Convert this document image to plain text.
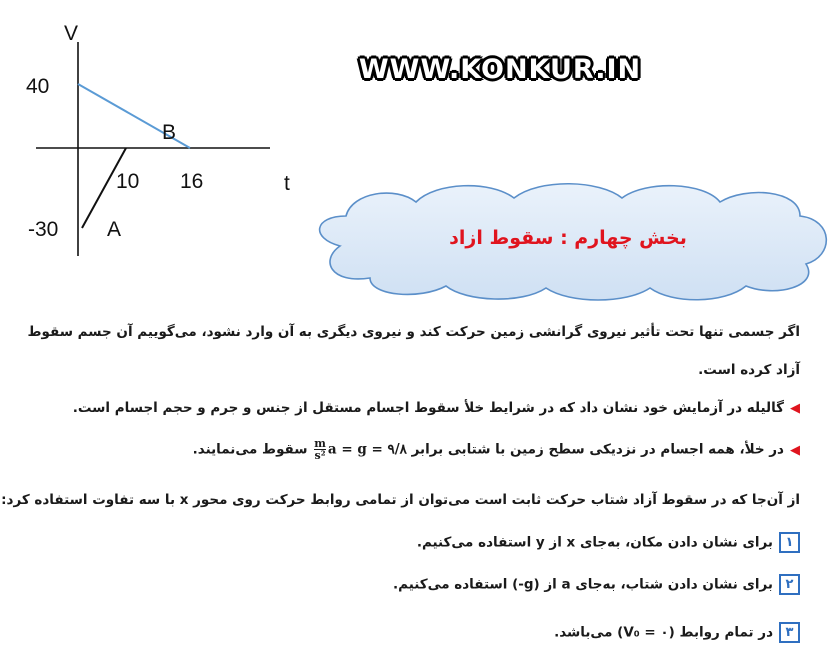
V
t
40
-30
10 16
B
A
WWW.KONKUR.IN
بخش چهارم : سقوط ازاد
اگر جسمی تنها تحت تأثیر نیروی گرانشی زمین حرکت کند و نیروی دیگری به آن وارد نشود، می‌گوییم آن جسم سقوط
آزاد کرده است.
◀گالیله در آزمایش خود نشان داد که در شرایط خلأ سقوط اجسام مستقل از جنس و جرم و حجم اجسام است.
◀در خلأ، همه اجسام در نزدیکی سطح زمین با شتابی برابر a = g = ۹/۸
$\frac{m}{\text{s²}}$
سقوط می‌نمایند.
از آن‌جا که در سقوط آزاد شتاب حرکت ثابت است می‌توان از تمامی روابط حرکت روی محور x با سه تفاوت استفاده کرد:
۱برای نشان دادن مکان، به‌جای x از y استفاده می‌کنیم.
۲برای نشان دادن شتاب، به‌جای a از (g-) استفاده می‌کنیم.
۳در تمام روابط (V₀ = ۰) می‌باشد.
